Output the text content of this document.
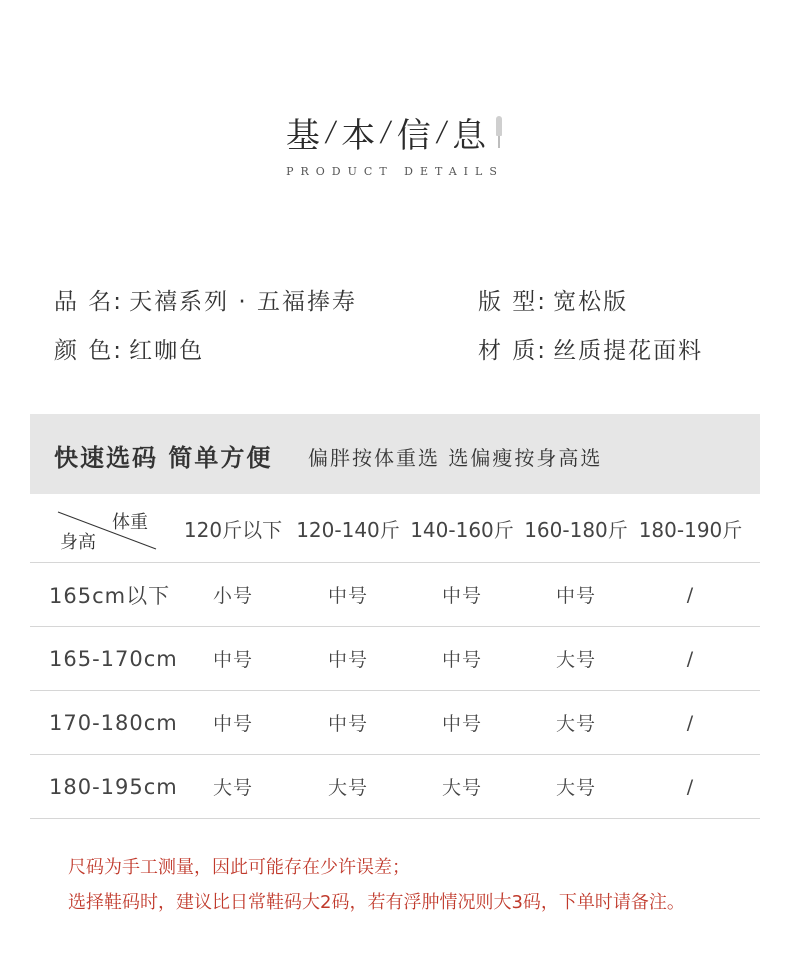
基 / 本 / 信 / 息
PRODUCT DETAILS
品 名: 天禧系列 · 五福捧寿	版 型: 宽松版
颜 色: 红咖色	材 质: 丝质提花面料
快速选码 简单方便 偏胖按体重选 选偏瘦按身高选
体重
身高
120斤以下 120-140斤 140-160斤 160-180斤 180-190斤
165cm以下	小号	中号	中号	中号	/
165-170cm	中号	中号	中号	大号	/
170-180cm	中号	中号	中号	大号	/
180-195cm	大号	大号	大号	大号	/
尺码为手工测量，因此可能存在少许误差；
选择鞋码时，建议比日常鞋码大2码，若有浮肿情况则大3码，下单时请备注。
